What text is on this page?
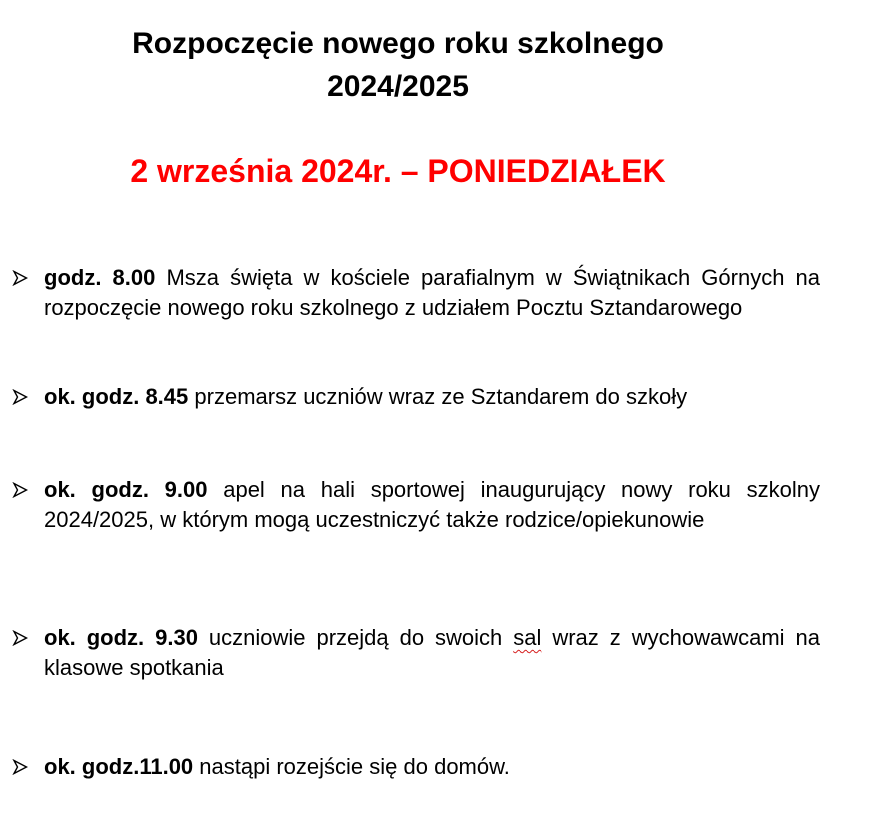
Rozpoczęcie nowego roku szkolnego
2024/2025
2 września 2024r. – PONIEDZIAŁEK

godz. 8.00 Msza święta w kościele parafialnym w Świątnikach Górnych na rozpoczęcie nowego roku szkolnego z udziałem Pocztu Sztandarowego

ok. godz. 8.45 przemarsz uczniów wraz ze Sztandarem do szkoły

ok. godz. 9.00 apel na hali sportowej inaugurujący nowy roku szkolny 2024/2025, w którym mogą uczestniczyć także rodzice/opiekunowie

ok. godz. 9.30 uczniowie przejdą do swoich sal wraz z wychowawcami na klasowe spotkania

ok. godz.11.00 nastąpi rozejście się do domów.
